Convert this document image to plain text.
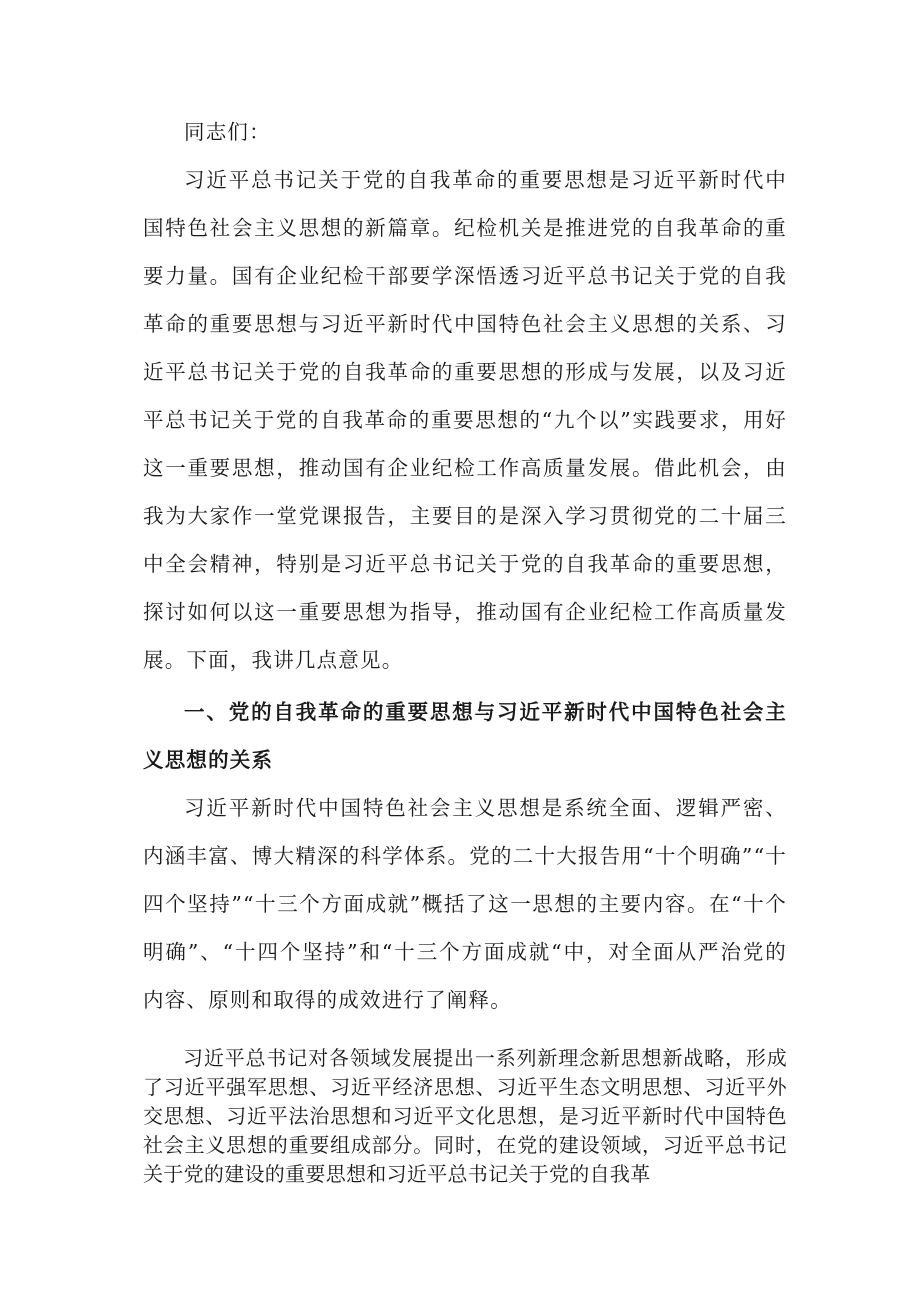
同志们：

习近平总书记关于党的自我革命的重要思想是习近平新时代中国特色社会主义思想的新篇章。纪检机关是推进党的自我革命的重要力量。国有企业纪检干部要学深悟透习近平总书记关于党的自我革命的重要思想与习近平新时代中国特色社会主义思想的关系、习近平总书记关于党的自我革命的重要思想的形成与发展，以及习近平总书记关于党的自我革命的重要思想的“九个以”实践要求，用好这一重要思想，推动国有企业纪检工作高质量发展。借此机会，由我为大家作一堂党课报告，主要目的是深入学习贯彻党的二十届三中全会精神，特别是习近平总书记关于党的自我革命的重要思想，探讨如何以这一重要思想为指导，推动国有企业纪检工作高质量发展。下面，我讲几点意见。

一、党的自我革命的重要思想与习近平新时代中国特色社会主义思想的关系

习近平新时代中国特色社会主义思想是系统全面、逻辑严密、内涵丰富、博大精深的科学体系。党的二十大报告用“十个明确”“十四个坚持”“十三个方面成就”概括了这一思想的主要内容。在“十个明确”、“十四个坚持”和“十三个方面成就“中，对全面从严治党的内容、原则和取得的成效进行了阐释。

习近平总书记对各领域发展提出一系列新理念新思想新战略，形成了习近平强军思想、习近平经济思想、习近平生态文明思想、习近平外交思想、习近平法治思想和习近平文化思想，是习近平新时代中国特色社会主义思想的重要组成部分。同时，在党的建设领域，习近平总书记关于党的建设的重要思想和习近平总书记关于党的自我革
